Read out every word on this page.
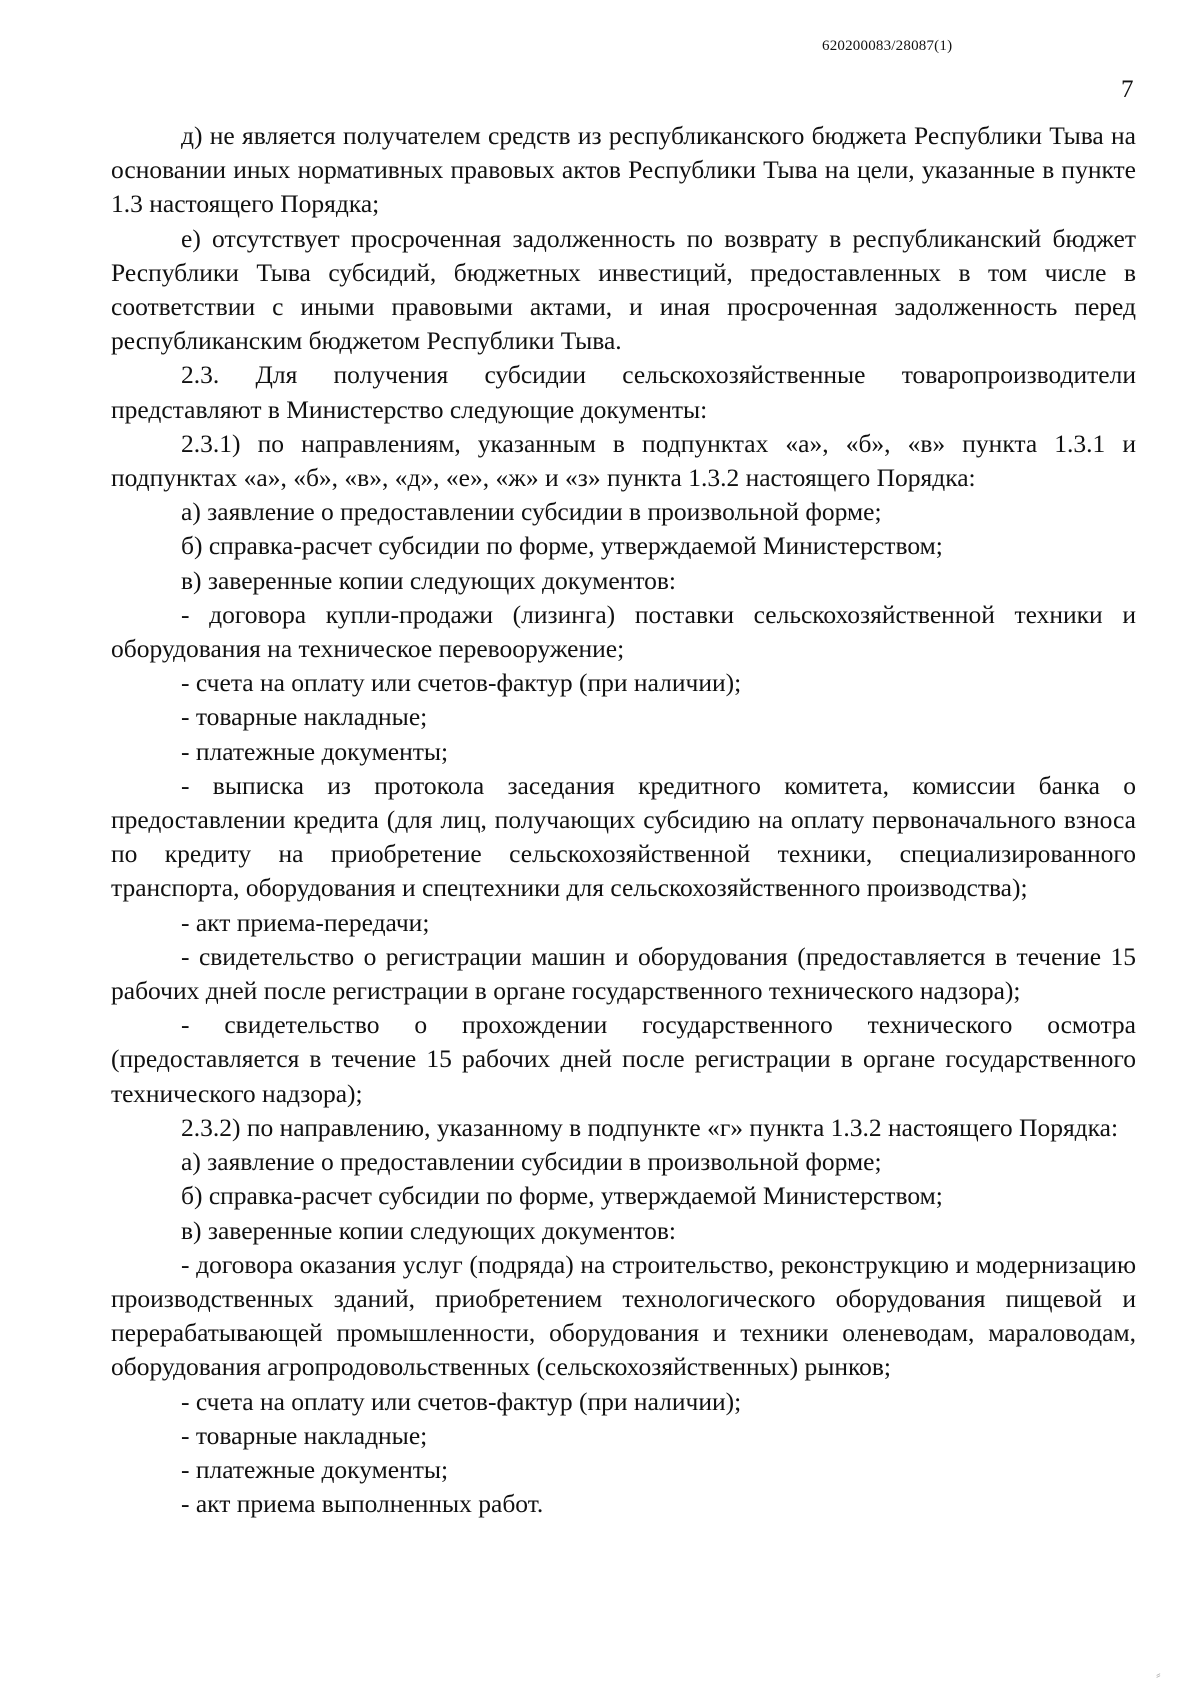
620200083/28087(1)
7

д) не является получателем средств из республиканского бюджета Республики Тыва на основании иных нормативных правовых актов Республики Тыва на цели, указанные в пункте 1.3 настоящего Порядка;

е) отсутствует просроченная задолженность по возврату в республиканский бюджет Республики Тыва субсидий, бюджетных инвестиций, предоставленных в том числе в соответствии с иными правовыми актами, и иная просроченная задолженность перед республиканским бюджетом Республики Тыва.

2.3. Для получения субсидии сельскохозяйственные товаропроизводители представляют в Министерство следующие документы:

2.3.1) по направлениям, указанным в подпунктах «а», «б», «в» пункта 1.3.1 и подпунктах «а», «б», «в», «д», «е», «ж» и «з» пункта 1.3.2 настоящего Порядка:

а) заявление о предоставлении субсидии в произвольной форме;

б) справка-расчет субсидии по форме, утверждаемой Министерством;

в) заверенные копии следующих документов:

- договора купли-продажи (лизинга) поставки сельскохозяйственной техники и оборудования на техническое перевооружение;

- счета на оплату или счетов-фактур (при наличии);

- товарные накладные;

- платежные документы;

- выписка из протокола заседания кредитного комитета, комиссии банка о предоставлении кредита (для лиц, получающих субсидию на оплату первоначального взноса по кредиту на приобретение сельскохозяйственной техники, специализированного транспорта, оборудования и спецтехники для сельскохозяйственного производства);

- акт приема-передачи;

- свидетельство о регистрации машин и оборудования (предоставляется в течение 15 рабочих дней после регистрации в органе государственного технического надзора);

- свидетельство о прохождении государственного технического осмотра (предоставляется в течение 15 рабочих дней после регистрации в органе государственного технического надзора);

2.3.2) по направлению, указанному в подпункте «г» пункта 1.3.2 настоящего Порядка:

а) заявление о предоставлении субсидии в произвольной форме;

б) справка-расчет субсидии по форме, утверждаемой Министерством;

в) заверенные копии следующих документов:

- договора оказания услуг (подряда) на строительство, реконструкцию и модернизацию производственных зданий, приобретением технологического оборудования пищевой и перерабатывающей промышленности, оборудования и техники оленеводам, мараловодам, оборудования агропродовольственных (сельскохозяйственных) рынков;

- счета на оплату или счетов-фактур (при наличии);

- товарные накладные;

- платежные документы;

- акт приема выполненных работ.

⸗
